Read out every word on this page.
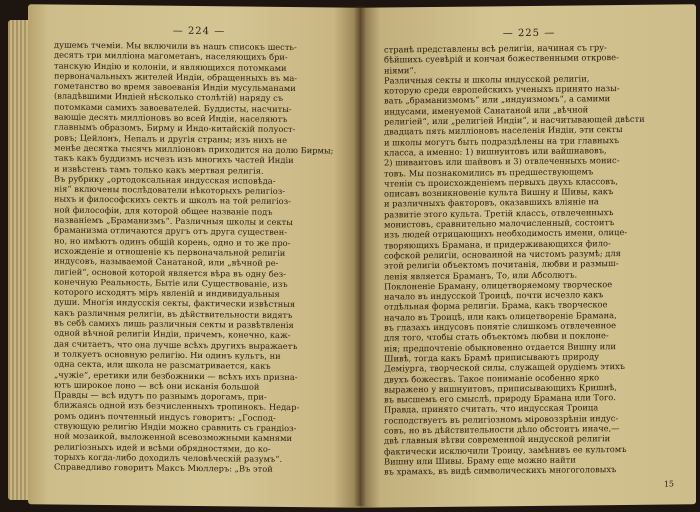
— 224 —
душемъ тчеміи. Мы включили въ нашъ списокъ шесть-
десятъ три милліона магометанъ, населяющихъ бри-
танскую Индію и колоніи, и являющихся потомками
первоначальныхъ жителей Индіи, обращенныхъ въ ма-
гометанство во время завоеванія Индіи мусульманами
(владѣвшими Индіей нѣсколько столѣтій) наряду съ
потомками самихъ завоевателей. Буддисты, насчиты-
вающіе десять милліоновъ во всей Индіи, населяютъ
главнымъ образомъ, Бирму и Индо-китайскій полуост-
ровъ; Цейлонъ, Непалъ и другія страны; изъ нихъ не
менѣе десятка тысячъ милліоновъ приходится на долю Бирмы;
такъ какъ буддизмъ исчезъ изъ многихъ частей Индіи
и извѣстенъ тамъ только какъ мертвая религія.
Въ рубрику „ортодоксальная индусская исповѣда-
нія“ включены послѣдователи нѣкоторыхъ религіоз-
ныхъ и философскихъ сектъ и школъ на той религіоз-
ной философіи, для которой общее названіе подъ
названіемъ „Браманизмъ“. Различныя школы и секты
браманизма отличаются другъ отъ друга существен-
но, но имѣютъ одинъ общій корень, одно и то же про-
исхожденіе и отношеніе къ первоначальной религіи
индусовъ, называемой Санатаной, или „вѣчной ре-
лигіей“, основой которой является вѣра въ одну без-
конечную Реальность, Бытіе или Существованіе, изъ
которого исходятъ міръ явленій и индивидуальныя
души. Многія индусскія секты, фактически извѣстныя
какъ различныя религіи, въ дѣйствительности видятъ
въ себѣ самихъ лишь различныя секты и развѣтвленія
одной вѣчной религіи Индіи, причемъ, конечно, каж-
дая считаетъ, что она лучше всѣхъ другихъ выражаетъ
и толкуетъ основную религію. Ни одинъ культъ, ни
одна секта, или школа не разсматривается, какъ
„чужіе“, еретики или безбожники — всѣхъ ихъ призна-
ютъ широкое лоно — всѣ они исканія большой
Правды — всѣ идутъ по разнымъ дорогамъ, при-
ближаясь одной изъ безчисленныхъ тропинокъ. Недар-
ромъ одинъ почтенный индусъ говоритъ: „Господ-
ствующую религію Индіи можно сравнить съ грандіоз-
ной мозаикой, выложенной всевозможными камнями
религіозныхъ идей и всѣми обрядностями, до ко-
торыхъ когда-либо доходилъ человѣческій разумъ“.
Справедливо говоритъ Максъ Мюллеръ: „Въ этой
— 225 —
странѣ представлены всѣ религіи, начиная съ гру-
бѣйшихъ суевѣрій и кончая божественными открове-
ніями“.
Различныя секты и школы индусской религіи,
которую среди европейскихъ ученыхъ принято назы-
вать „браманизмомъ“ или „индуизмомъ“, а самими
индусами, именуемой Санатаной или „вѣчной
религіей“, или „религіей Индіи“, и насчитывающей двѣсти
двадцать пять милліоновъ населенія Индіи, эти секты
и школы могутъ быть подраздѣлены на три главныхъ
класса, а именно: 1) вишнуитовъ или вайшнавовъ,
2) шиваитовъ или шайвовъ и 3) отвлеченныхъ монис-
товъ. Мы познакомились въ предшествующемъ
чтеніи съ происхожденіемъ первыхъ двухъ классовъ,
описавъ возникновеніе культа Вишну и Шивы, какъ
и различныхъ факторовъ, оказавшихъ вліяніе на
развитіе этого культа. Третій классъ, отвлеченныхъ
монистовъ, сравнительно малочисленный, состоитъ
изъ людей отрицающихъ необходимость имени, олице-
творяющихъ Брамана, и придерживающихся фило-
софской религіи, основанной на чистомъ разумѣ; для
этой религіи объектомъ почитанія, любви и размыш-
ленія является Браманъ, То, или Абсолютъ.
Поклоненіе Браману, олицетворяемому творческое
начало въ индусской Троицѣ, почти исчезло какъ
отдѣльная форма религіи. Брама, какъ творческое
начало въ Троицѣ, или какъ олицетвореніе Брамана,
въ глазахъ индусовъ понятіе слишкомъ отвлеченное
для того, чтобы стать объектомъ любви и поклоне-
нія; предпочтеніе обыкновенно отдается Вишну или
Шивѣ, тогда какъ Брамѣ приписываютъ природу
Деміурга, творческой силы, служащей орудіемъ этихъ
двухъ божествъ. Такое пониманіе особенно ярко
выражено у вишнуитовъ, приписывающихъ Кришнѣ,
въ высшемъ его смыслѣ, природу Брамана или Того.
Правда, принято считать, что индусская Троица
господствуетъ въ религіозномъ міровоззрѣніи индус-
совъ, но въ дѣйствительности дѣло обстоитъ иначе,—
двѣ главныя вѣтви современной индусской религіи
фактически исключили Троицу, замѣнивъ ее культомъ
Вишну или Шивы. Браму еще можно найти
въ храмахъ, въ видѣ символическихъ многоголовыхъ
15
